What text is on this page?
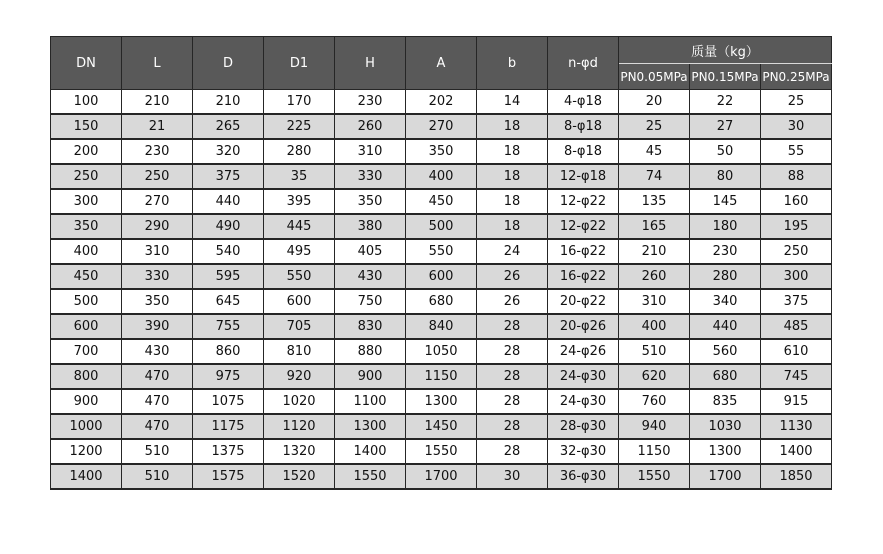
DN	L	D	D1	H	A	b	n-φd	质量（kg）		
								PN0.05MPa	PN0.15MPa	PN0.25MPa
100	210	210	170	230	202	14	4-φ18	20	22	25
150	21	265	225	260	270	18	8-φ18	25	27	30
200	230	320	280	310	350	18	8-φ18	45	50	55
250	250	375	35	330	400	18	12-φ18	74	80	88
300	270	440	395	350	450	18	12-φ22	135	145	160
350	290	490	445	380	500	18	12-φ22	165	180	195
400	310	540	495	405	550	24	16-φ22	210	230	250
450	330	595	550	430	600	26	16-φ22	260	280	300
500	350	645	600	750	680	26	20-φ22	310	340	375
600	390	755	705	830	840	28	20-φ26	400	440	485
700	430	860	810	880	1050	28	24-φ26	510	560	610
800	470	975	920	900	1150	28	24-φ30	620	680	745
900	470	1075	1020	1100	1300	28	24-φ30	760	835	915
1000	470	1175	1120	1300	1450	28	28-φ30	940	1030	1130
1200	510	1375	1320	1400	1550	28	32-φ30	1150	1300	1400
1400	510	1575	1520	1550	1700	30	36-φ30	1550	1700	1850
